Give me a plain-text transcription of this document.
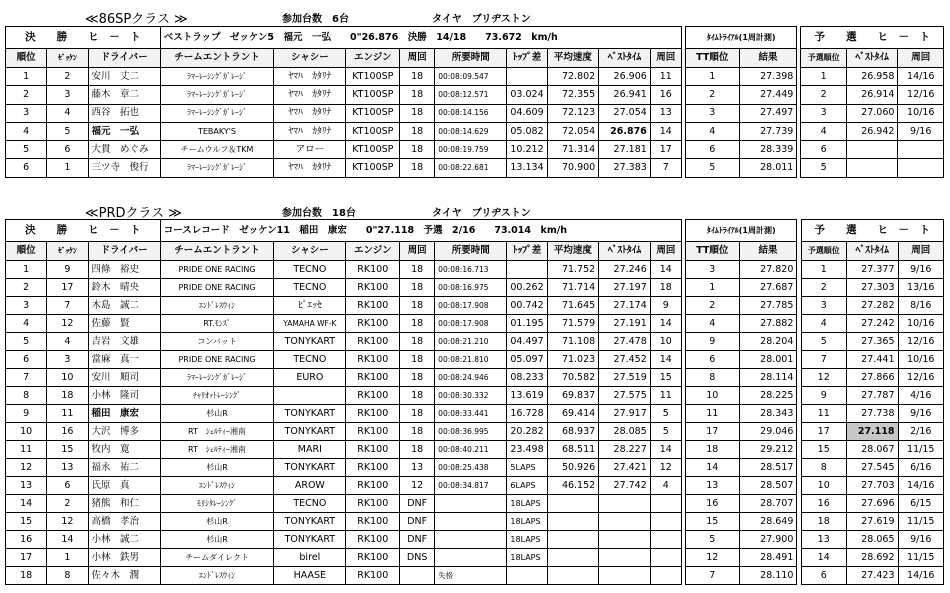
≪86SPクラス ≫	参加台数　6台	タイヤ　ブリヂストン
決　　勝　　ヒ　－　ト			ベストラップ　ゼッケン5　福元　一弘　　0"26.876　決勝　14/18　　73.672　km/h										ﾀｲﾑﾄﾗｲｱﾙ(1周計測)			予　　選　　ヒ　－　ト		
順位	ｾﾞｯｹﾝ	ドライバー	チームエントラント	シャシー	エンジン	周回	所要時間	ﾄｯﾌﾟ差	平均速度	ﾍﾞｽﾄﾀｲﾑ	周回		TT順位	結果		予選順位	ﾍﾞｽﾄﾀｲﾑ	周回
1	2	安川　丈二	ﾗﾏｰﾚｰｼﾝｸﾞｶﾞﾚｰｼﾞ	ﾔﾏﾊ　ｶﾀﾘﾅ	KT100SP	18	00:08:09.547		72.802	26.906	11		1	27.398		1	26.958	14/16
2	3	藤木　章二	ﾗﾏｰﾚｰｼﾝｸﾞｶﾞﾚｰｼﾞ	ﾔﾏﾊ　ｶﾀﾘﾅ	KT100SP	18	00:08:12.571	03.024	72.355	26.941	16		2	27.449		2	26.914	12/16
3	4	西谷　拓也	ﾗﾏｰﾚｰｼﾝｸﾞｶﾞﾚｰｼﾞ	ﾔﾏﾊ　ｶﾀﾘﾅ	KT100SP	18	00:08:14.156	04.609	72.123	27.054	13		3	27.497		3	27.060	10/16
4	5	福元　一弘	TEBAKY'S	ﾔﾏﾊ　ｶﾀﾘﾅ	KT100SP	18	00:08:14.629	05.082	72.054	26.876	14		4	27.739		4	26.942	9/16
5	6	大貫　めぐみ	チームウルフ＆TKM	アロー	KT100SP	18	00:08:19.759	10.212	71.314	27.181	17		6	28.339		6		
6	1	三ツ寺　俊行	ﾗﾏｰﾚｰｼﾝｸﾞｶﾞﾚｰｼﾞ	ﾔﾏﾊ　ｶﾀﾘﾅ	KT100SP	18	00:08:22.681	13.134	70.900	27.383	7		5	28.011		5		
≪PRDクラス ≫	参加台数　18台	タイヤ　ブリヂストン
決　　勝　　ヒ　－　ト			コースレコード　ゼッケン11　稲田　康宏　　0"27.118　予選　2/16　　73.014　km/h										ﾀｲﾑﾄﾗｲｱﾙ(1周計測)			予　　選　　ヒ　－　ト		
順位	ｾﾞｯｹﾝ	ドライバー	チームエントラント	シャシー	エンジン	周回	所要時間	ﾄｯﾌﾟ差	平均速度	ﾍﾞｽﾄﾀｲﾑ	周回		TT順位	結果		予選順位	ﾍﾞｽﾄﾀｲﾑ	周回
1	9	四條　裕史	PRIDE ONE RACING	TECNO	RK100	18	00:08:16.713		71.752	27.246	14		3	27.820		1	27.377	9/16
2	17	鈴木　晴央	PRIDE ONE RACING	TECNO	RK100	18	00:08:16.975	00.262	71.714	27.197	18		1	27.687		2	27.303	13/16
3	7	木島　誠二	ｴﾝﾄﾞﾚｽｳｨﾝ	ﾋﾟｴｯｾ	RK100	18	00:08:17.908	00.742	71.645	27.174	9		2	27.785		3	27.282	8/16
4	12	佐藤　賢	RT.ﾓﾝｽﾞ	YAMAHA WF-K	RK100	18	00:08:17.908	01.195	71.579	27.191	14		4	27.882		4	27.242	10/16
5	4	吉岩　文雄	コンバット	TONYKART	RK100	18	00:08:21.210	04.497	71.108	27.478	10		9	28.204		5	27.365	12/16
6	3	當麻　真一	PRIDE ONE RACING	TECNO	RK100	18	00:08:21.810	05.097	71.023	27.452	14		6	28.001		7	27.441	10/16
7	10	安川　順司	ﾗﾏｰﾚｰｼﾝｸﾞｶﾞﾚｰｼﾞ	EURO	RK100	18	00:08:24.946	08.233	70.582	27.519	15		8	28.114		12	27.866	12/16
8	18	小林　隆司	ﾁｬﾘｵｯﾄﾚｰｼﾝｸﾞ		RK100	18	00:08:30.332	13.619	69.837	27.575	11		10	28.225		9	27.787	4/16
9	11	稲田　康宏	杉山R	TONYKART	RK100	18	00:08:33.441	16.728	69.414	27.917	5		11	28.343		11	27.738	9/16
10	16	大沢　博多	RT　ｼｪﾙﾃｨｰ湘南	TONYKART	RK100	18	00:08:36.995	20.282	68.937	28.085	5		17	29.046		17	27.118	2/16
11	15	牧内　寛	RT　ｼｪﾙﾃｨｰ湘南	MARI	RK100	18	00:08:40.211	23.498	68.511	28.227	14		18	29.212		15	28.067	11/15
12	13	福永　祐二	杉山R	TONYKART	RK100	13	00:08:25.438	5LAPS	50.926	27.421	12		14	28.517		8	27.545	6/16
13	6	氏原　真	ｴﾝﾄﾞﾚｽｳｨﾝ	AROW	RK100	12	00:08:34.817	6LAPS	46.152	27.742	4		13	28.507		10	27.703	14/16
14	2	猪熊　和仁	ﾓﾘｼﾀﾚｰｼﾝｸﾞ	TECNO	RK100	DNF		18LAPS					16	28.707		16	27.696	6/15
15	12	高橋　孝治	杉山R	TONYKART	RK100	DNF		18LAPS					15	28.649		18	27.619	11/15
16	14	小林　誠二	杉山R	TONYKART	RK100	DNF		18LAPS					5	27.900		13	28.065	9/16
17	1	小林　鉄男	チームダイレクト	birel	RK100	DNS		18LAPS					12	28.491		14	28.692	11/15
18	8	佐々木　潤	ｴﾝﾄﾞﾚｽｳｨﾝ	HAASE	RK100		失格						7	28.110		6	27.423	14/16
